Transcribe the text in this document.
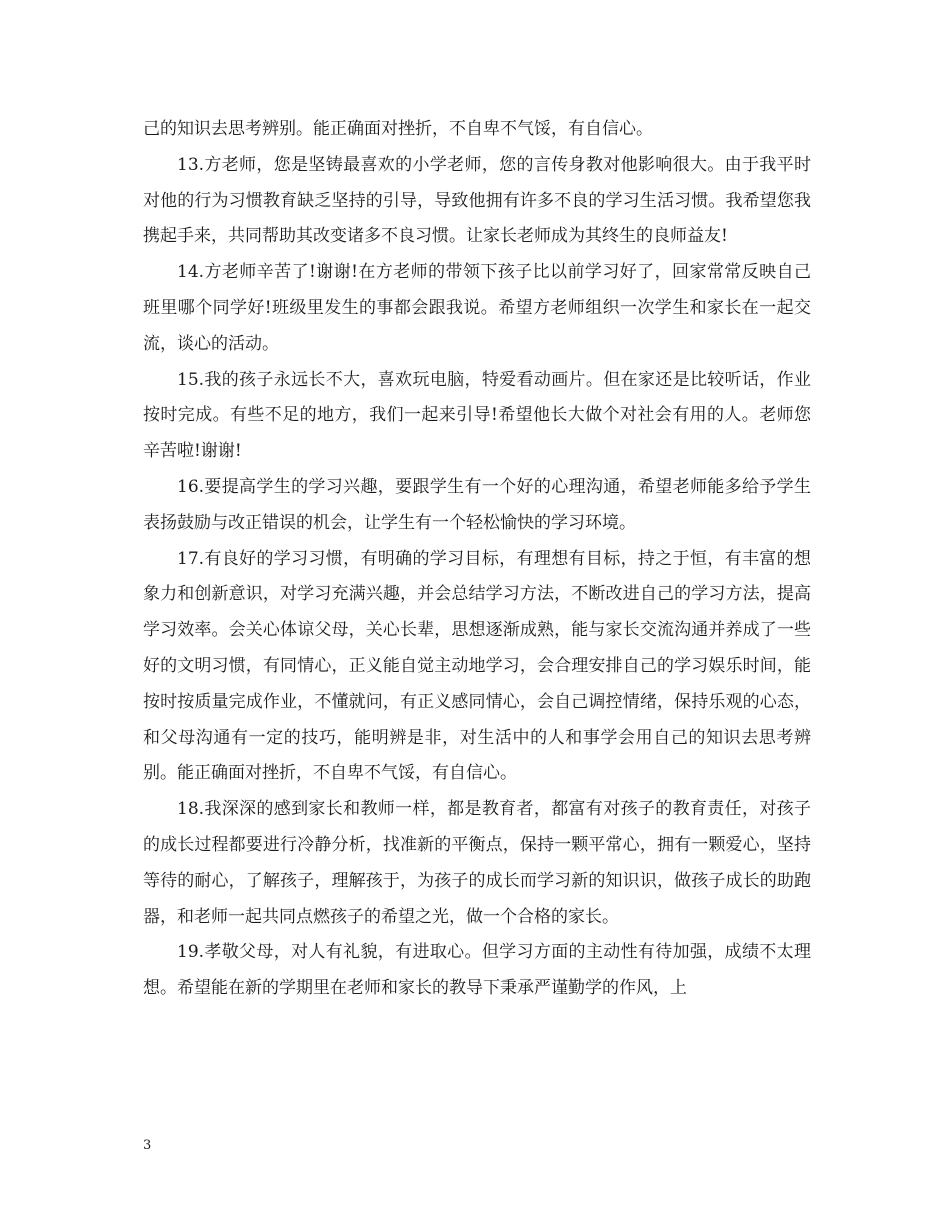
己的知识去思考辨别。能正确面对挫折，不自卑不气馁，有自信心。

13.方老师，您是坚铸最喜欢的小学老师，您的言传身教对他影响很大。由于我平时对他的行为习惯教育缺乏坚持的引导，导致他拥有许多不良的学习生活习惯。我希望您我携起手来，共同帮助其改变诸多不良习惯。让家长老师成为其终生的良师益友!

14.方老师辛苦了!谢谢!在方老师的带领下孩子比以前学习好了，回家常常反映自己班里哪个同学好!班级里发生的事都会跟我说。希望方老师组织一次学生和家长在一起交流，谈心的活动。

15.我的孩子永远长不大，喜欢玩电脑，特爱看动画片。但在家还是比较听话，作业按时完成。有些不足的地方，我们一起来引导!希望他长大做个对社会有用的人。老师您辛苦啦!谢谢!

16.要提高学生的学习兴趣，要跟学生有一个好的心理沟通，希望老师能多给予学生表扬鼓励与改正错误的机会，让学生有一个轻松愉快的学习环境。

17.有良好的学习习惯，有明确的学习目标，有理想有目标，持之于恒，有丰富的想象力和创新意识，对学习充满兴趣，并会总结学习方法，不断改进自己的学习方法，提高学习效率。会关心体谅父母，关心长辈，思想逐渐成熟，能与家长交流沟通并养成了一些好的文明习惯，有同情心，正义能自觉主动地学习，会合理安排自己的学习娱乐时间，能按时按质量完成作业，不懂就问，有正义感同情心，会自己调控情绪，保持乐观的心态，和父母沟通有一定的技巧，能明辨是非，对生活中的人和事学会用自己的知识去思考辨别。能正确面对挫折，不自卑不气馁，有自信心。

18.我深深的感到家长和教师一样，都是教育者，都富有对孩子的教育责任，对孩子的成长过程都要进行冷静分析，找准新的平衡点，保持一颗平常心，拥有一颗爱心，坚持等待的耐心，了解孩子，理解孩于，为孩子的成长而学习新的知识识，做孩子成长的助跑器，和老师一起共同点燃孩子的希望之光，做一个合格的家长。

19.孝敬父母，对人有礼貌，有进取心。但学习方面的主动性有待加强，成绩不太理想。希望能在新的学期里在老师和家长的教导下秉承严谨勤学的作风，上

3
